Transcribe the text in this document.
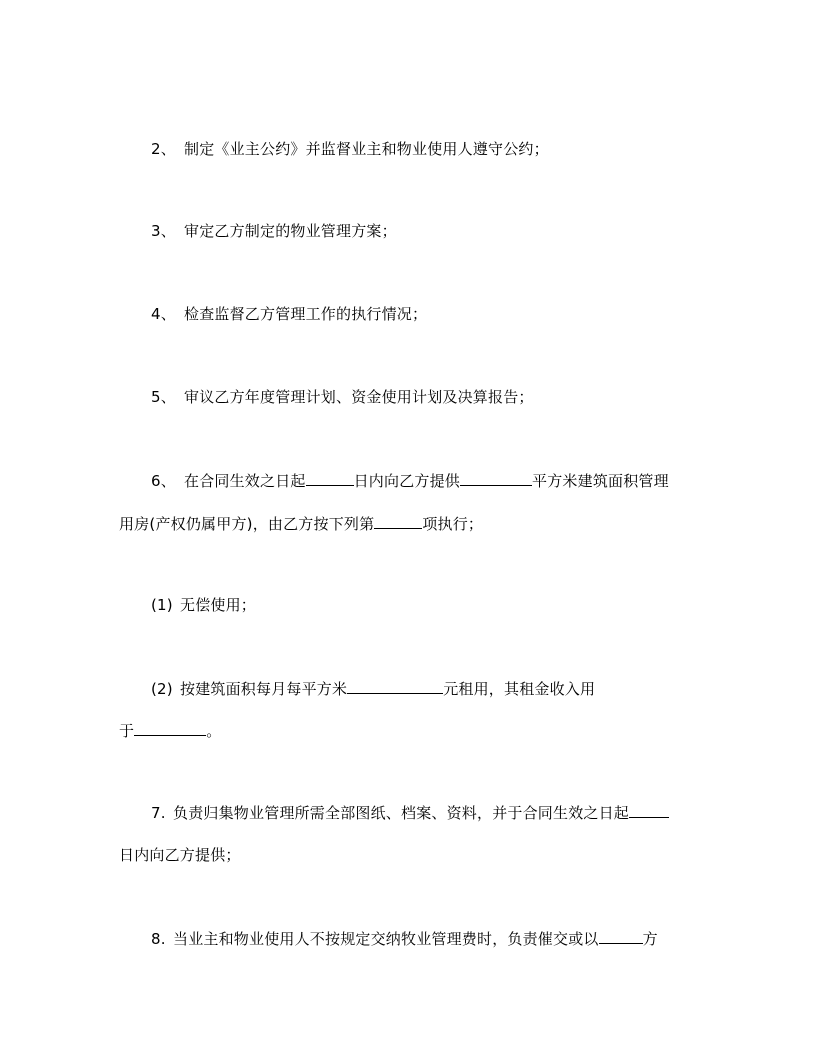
2、 制定《业主公约》并监督业主和物业使用人遵守公约；
3、 审定乙方制定的物业管理方案；
4、 检查监督乙方管理工作的执行情况；
5、 审议乙方年度管理计划、资金使用计划及决算报告；
6、 在合同生效之日起	日内向乙方提供	平方米建筑面积管理
用房(产权仍属甲方)，由乙方按下列第	项执行；
(1) 无偿使用；
(2) 按建筑面积每月每平方米	元租用，其租金收入用
于	。
7. 负责归集物业管理所需全部图纸、档案、资料，并于合同生效之日起
日内向乙方提供；
8. 当业主和物业使用人不按规定交纳牧业管理费时，负责催交或以	方
